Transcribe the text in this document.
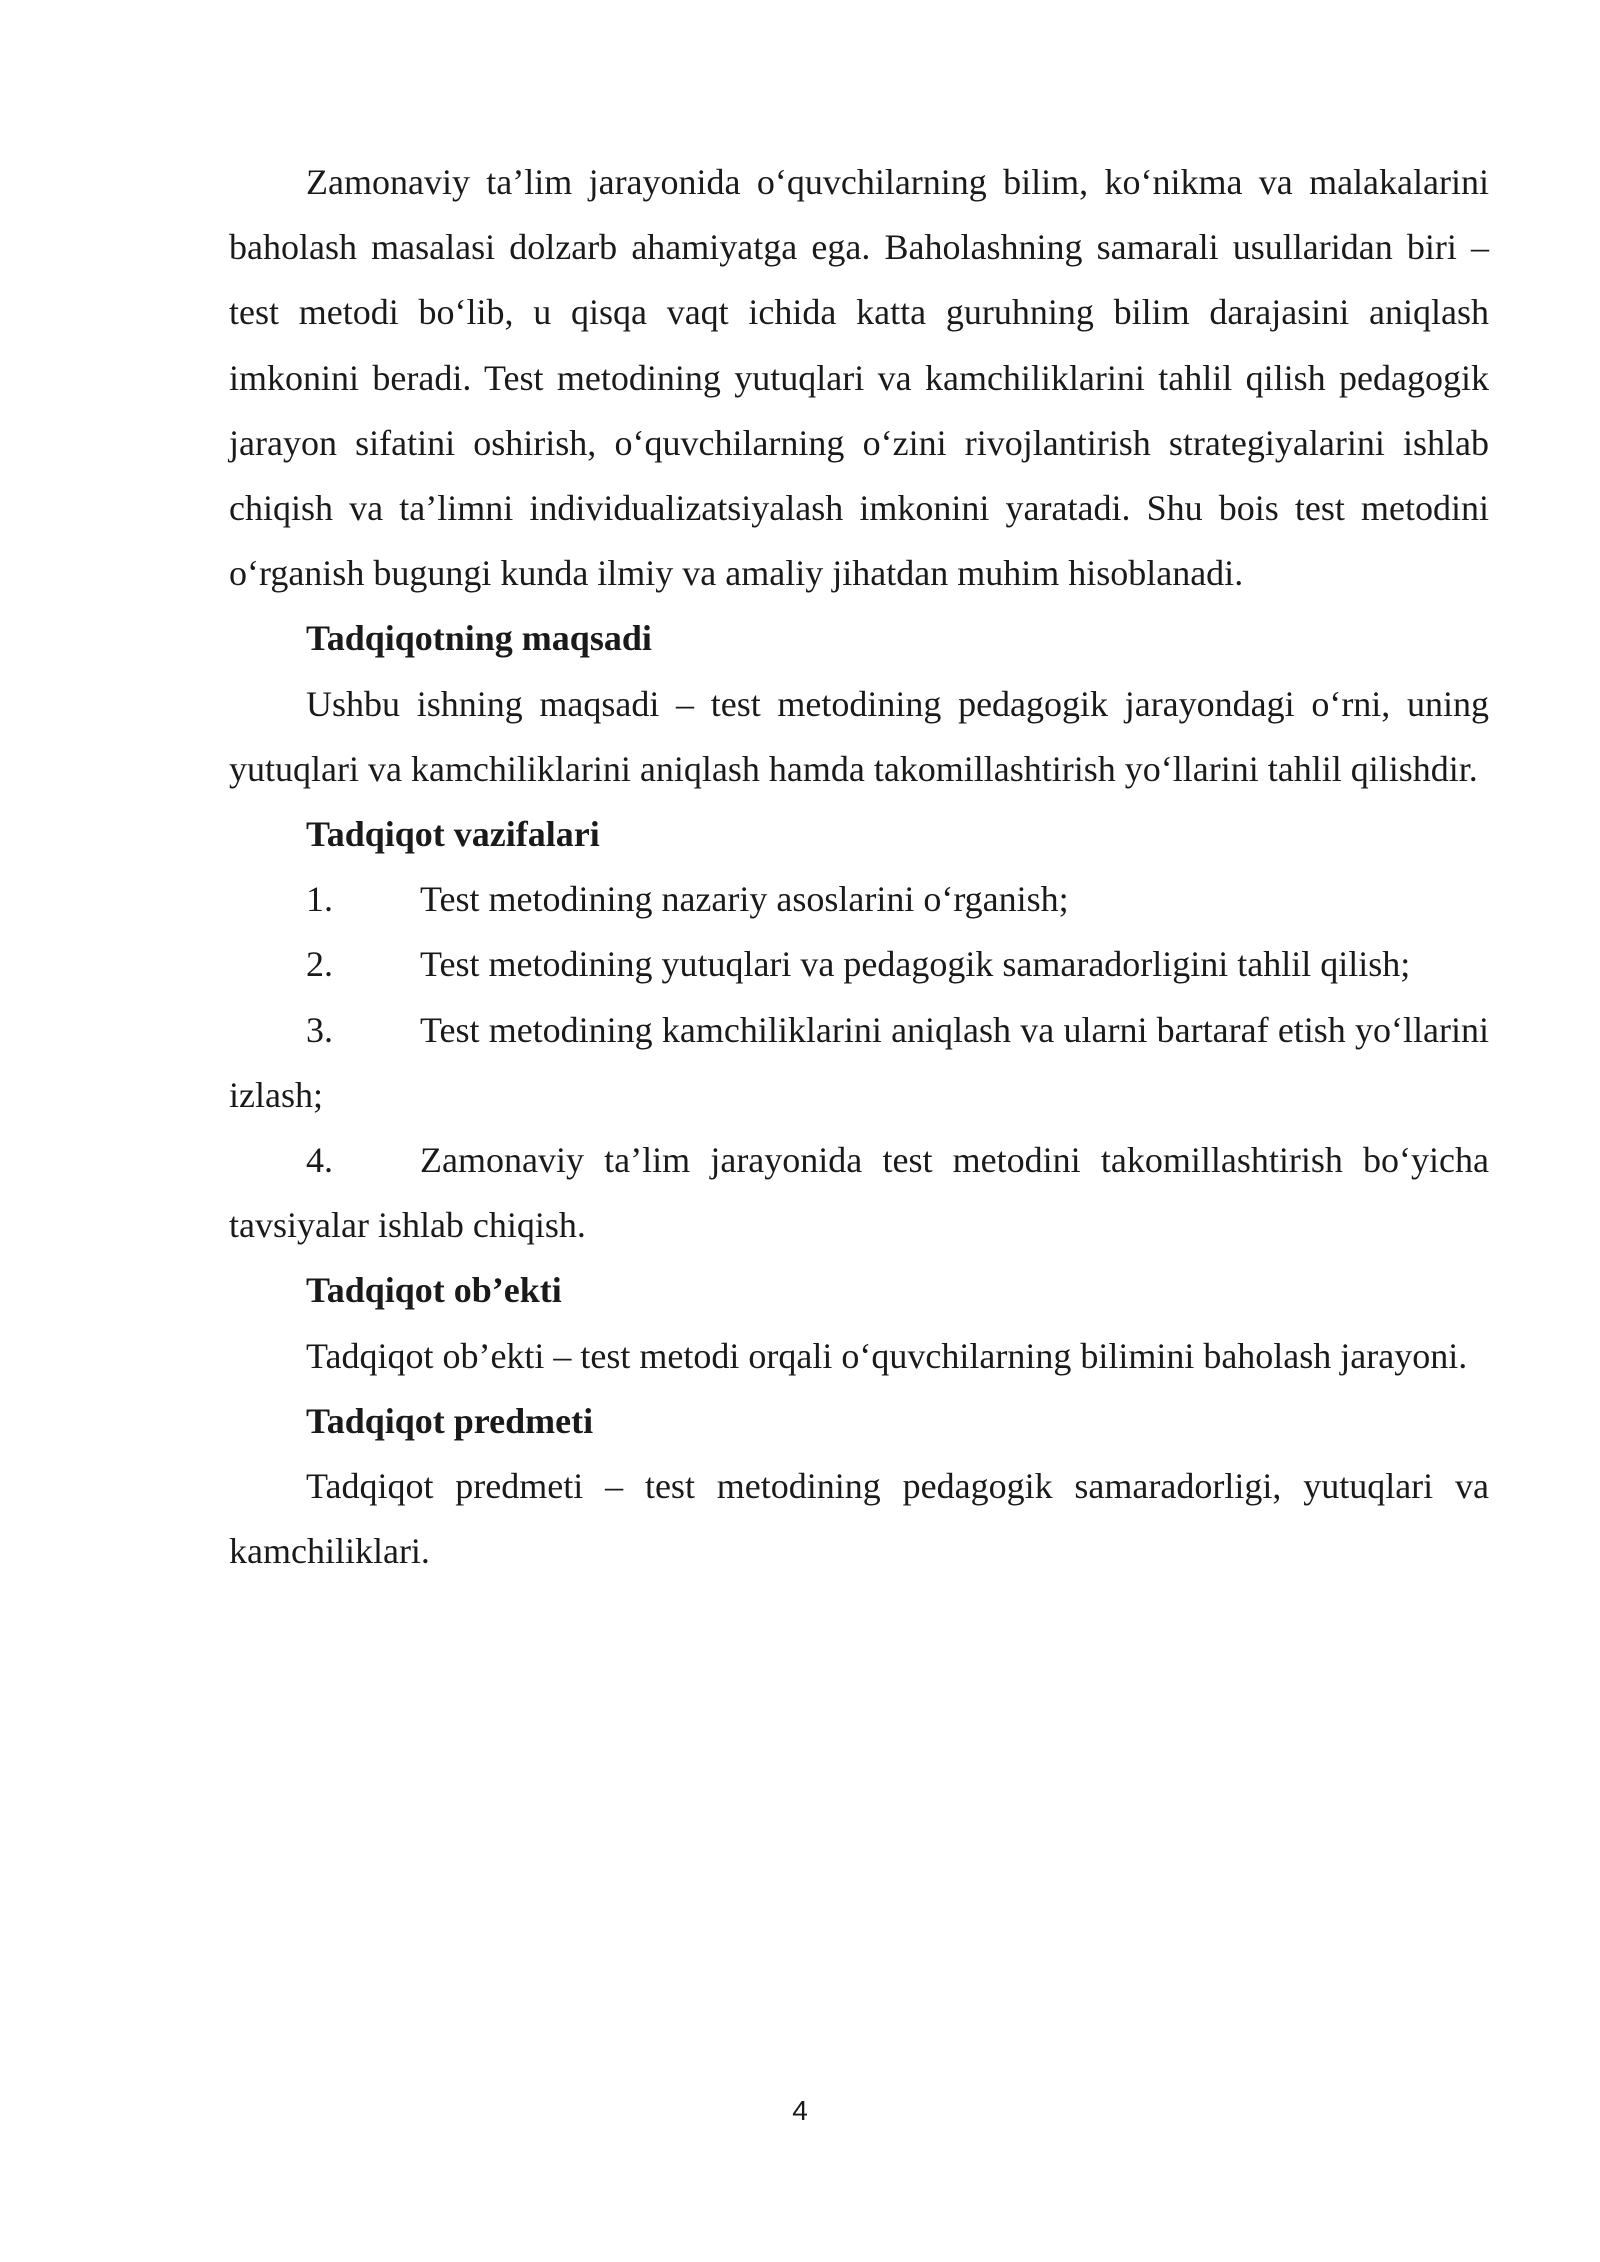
Zamonaviy ta’lim jarayonida o‘quvchilarning bilim, ko‘nikma va malakalarini baholash masalasi dolzarb ahamiyatga ega. Baholashning samarali usullaridan biri – test metodi bo‘lib, u qisqa vaqt ichida katta guruhning bilim darajasini aniqlash imkonini beradi. Test metodining yutuqlari va kamchiliklarini tahlil qilish pedagogik jarayon sifatini oshirish, o‘quvchilarning o‘zini rivojlantirish strategiyalarini ishlab chiqish va ta’limni individualizatsiyalash imkonini yaratadi. Shu bois test metodini o‘rganish bugungi kunda ilmiy va amaliy jihatdan muhim hisoblanadi.

Tadqiqotning maqsadi

Ushbu ishning maqsadi – test metodining pedagogik jarayondagi o‘rni, uning yutuqlari va kamchiliklarini aniqlash hamda takomillashtirish yo‘llarini tahlil qilishdir.

Tadqiqot vazifalari

1. Test metodining nazariy asoslarini o‘rganish;

2. Test metodining yutuqlari va pedagogik samaradorligini tahlil qilish;

3. Test metodining kamchiliklarini aniqlash va ularni bartaraf etish yo‘llarini izlash;

4. Zamonaviy ta’lim jarayonida test metodini takomillashtirish bo‘yicha tavsiyalar ishlab chiqish.

Tadqiqot ob’ekti

Tadqiqot ob’ekti – test metodi orqali o‘quvchilarning bilimini baholash jarayoni.

Tadqiqot predmeti

Tadqiqot predmeti – test metodining pedagogik samaradorligi, yutuqlari va kamchiliklari.

4
